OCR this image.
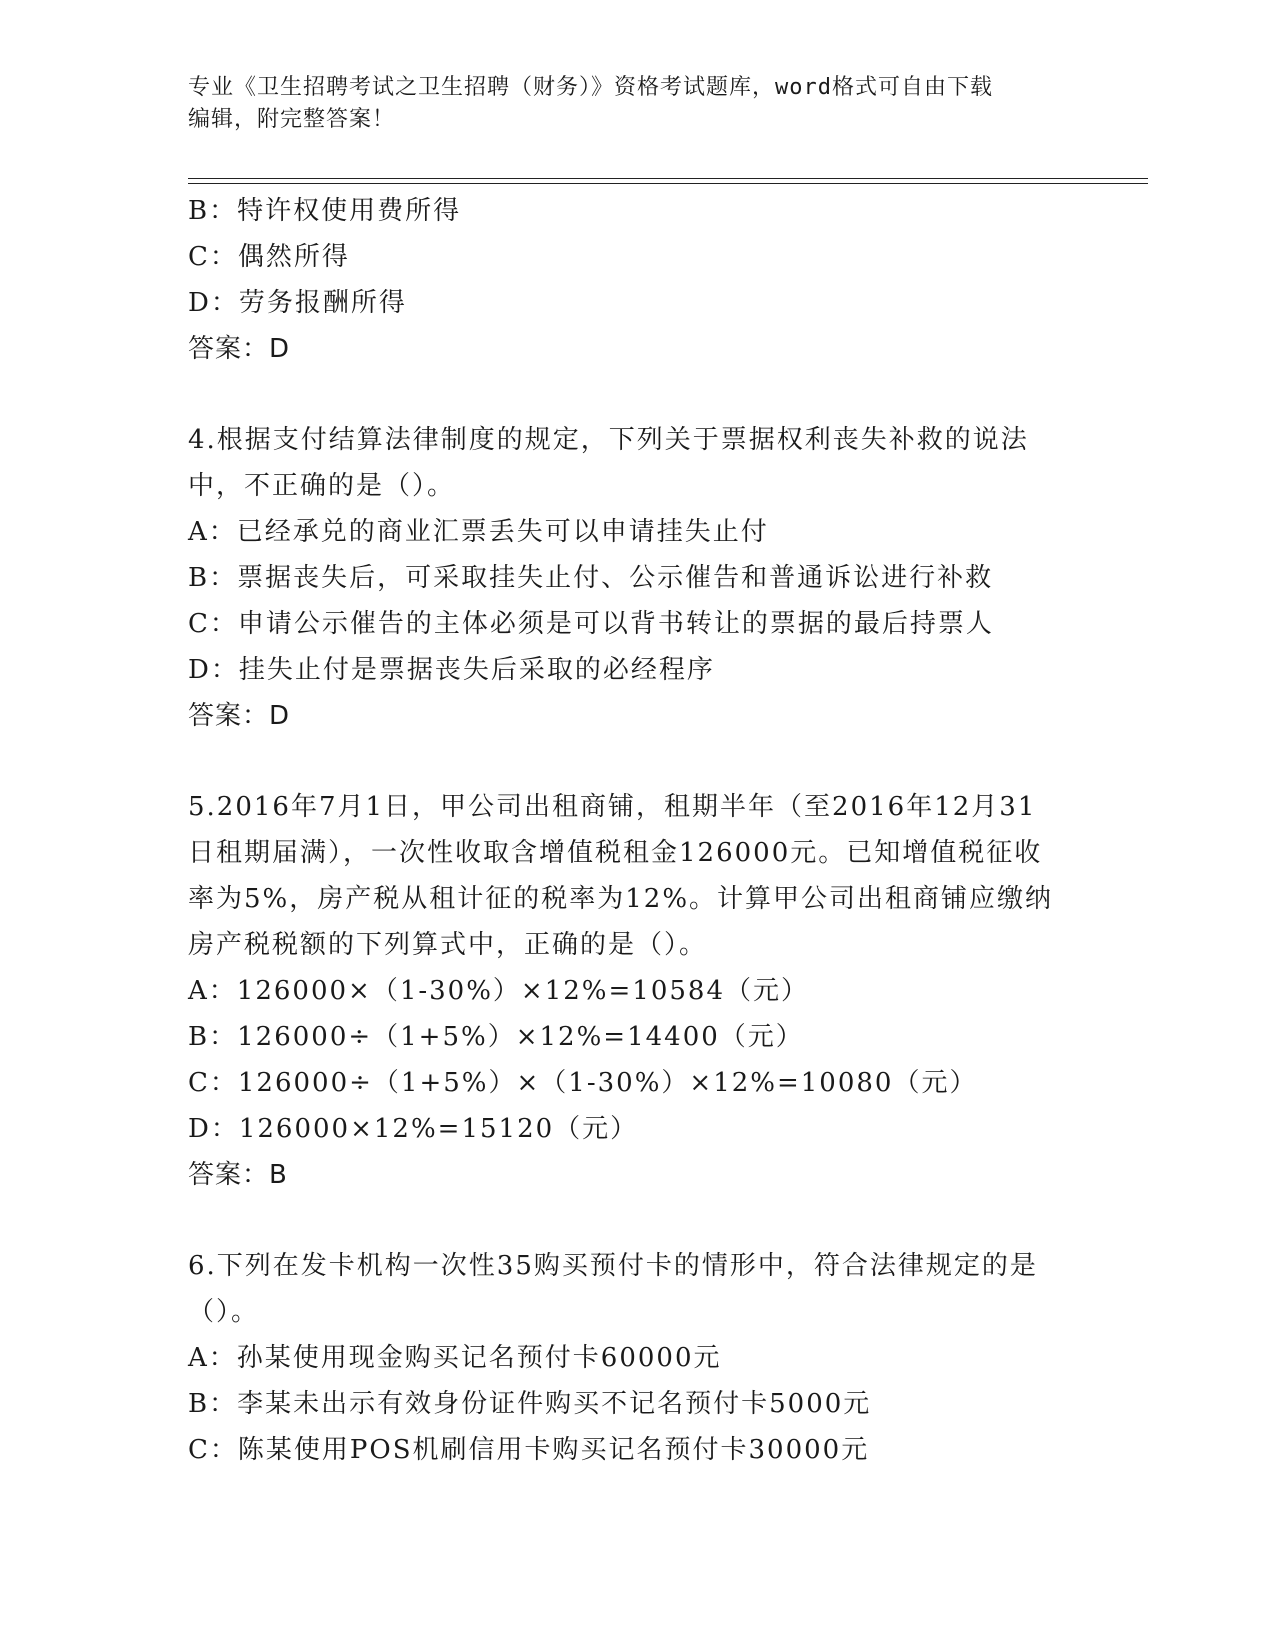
专业《卫生招聘考试之卫生招聘（财务）》资格考试题库，word格式可自由下载
编辑，附完整答案！
B：特许权使用费所得
C：偶然所得
D：劳务报酬所得
答案：D
4.根据支付结算法律制度的规定，下列关于票据权利丧失补救的说法
中，不正确的是（）。
A：已经承兑的商业汇票丢失可以申请挂失止付
B：票据丧失后，可采取挂失止付、公示催告和普通诉讼进行补救
C：申请公示催告的主体必须是可以背书转让的票据的最后持票人
D：挂失止付是票据丧失后采取的必经程序
答案：D
5.2016年7月1日，甲公司出租商铺，租期半年（至2016年12月31
日租期届满），一次性收取含增值税租金126000元。已知增值税征收
率为5%，房产税从租计征的税率为12%。计算甲公司出租商铺应缴纳
房产税税额的下列算式中，正确的是（）。
A：126000×（1-30%）×12%=10584（元）
B：126000÷（1+5%）×12%=14400（元）
C：126000÷（1+5%）×（1-30%）×12%=10080（元）
D：126000×12%=15120（元）
答案：B
6.下列在发卡机构一次性35购买预付卡的情形中，符合法律规定的是
（）。
A：孙某使用现金购买记名预付卡60000元
B：李某未出示有效身份证件购买不记名预付卡5000元
C：陈某使用POS机刷信用卡购买记名预付卡30000元
